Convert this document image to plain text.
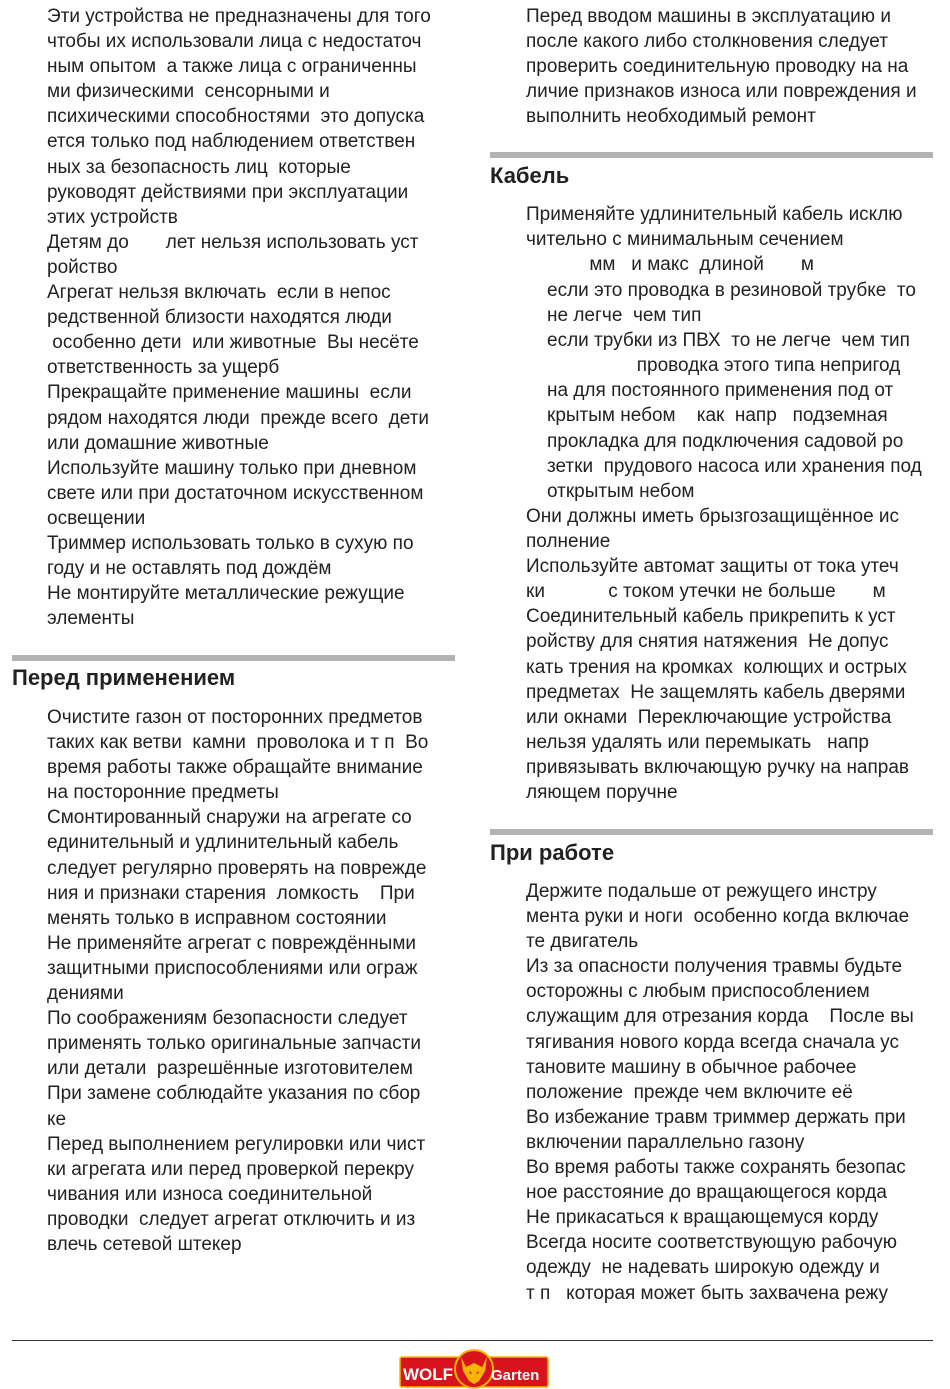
Эти устройства не предназначены для того
чтобы их использовали лица с недостаточ
ным опытом  а также лица с ограниченны
ми физическими  сенсорными и
психическими способностями  это допуска
ется только под наблюдением ответствен
ных за безопасность лиц  которые
руководят действиями при эксплуатации
этих устройств
Детям до       лет нельзя использовать уст
ройство
Агрегат нельзя включать  если в непос
редственной близости находятся люди
особенно дети  или животные  Вы несёте
ответственность за ущерб
Прекращайте применение машины  если
рядом находятся люди  прежде всего  дети
или домашние животные
Используйте машину только при дневном
свете или при достаточном искусственном
освещении
Триммер использовать только в сухую по
году и не оставлять под дождём
Не монтируйте металлические режущие
элементы
Перед применением
Очистите газон от посторонних предметов
таких как ветви  камни  проволока и т п  Во
время работы также обращайте внимание
на посторонние предметы
Смонтированный снаружи на агрегате со
единительный и удлинительный кабель
следует регулярно проверять на поврежде
ния и признаки старения  ломкость    При
менять только в исправном состоянии
Не применяйте агрегат с повреждёнными
защитными приспособлениями или ограж
дениями
По соображениям безопасности следует
применять только оригинальные запчасти
или детали  разрешённые изготовителем
При замене соблюдайте указания по сбор
ке
Перед выполнением регулировки или чист
ки агрегата или перед проверкой перекру
чивания или износа соединительной
проводки  следует агрегат отключить и из
влечь сетевой штекер
Перед вводом машины в эксплуатацию и
после какого либо столкновения следует
проверить соединительную проводку на на
личие признаков износа или повреждения и
выполнить необходимый ремонт
Кабель
Применяйте удлинительный кабель исклю
чительно с минимальным сечением
мм   и макс  длиной       м
если это проводка в резиновой трубке  то
не легче  чем тип
если трубки из ПВХ  то не легче  чем тип
проводка этого типа непригод
на для постоянного применения под от
крытым небом    как  напр   подземная
прокладка для подключения садовой ро
зетки  прудового насоса или хранения под
открытым небом
Они должны иметь брызгозащищённое ис
полнение
Используйте автомат защиты от тока утеч
ки            с током утечки не больше       м
Соединительный кабель прикрепить к уст
ройству для снятия натяжения  Не допус
кать трения на кромках  колющих и острых
предметах  Не защемлять кабель дверями
или окнами  Переключающие устройства
нельзя удалять или перемыкать   напр
привязывать включающую ручку на направ
ляющем поручне
При работе
Держите подальше от режущего инстру
мента руки и ноги  особенно когда включае
те двигатель
Из за опасности получения травмы будьте
осторожны с любым приспособлением
служащим для отрезания корда    После вы
тягивания нового корда всегда сначала ус
тановите машину в обычное рабочее
положение  прежде чем включите её
Во избежание травм триммер держать при
включении параллельно газону
Во время работы также сохранять безопас
ное расстояние до вращающегося корда
Не прикасаться к вращающемуся корду
Всегда носите соответствующую рабочую
одежду  не надевать широкую одежду и
т п   которая может быть захвачена режу
WOLF	Garten
